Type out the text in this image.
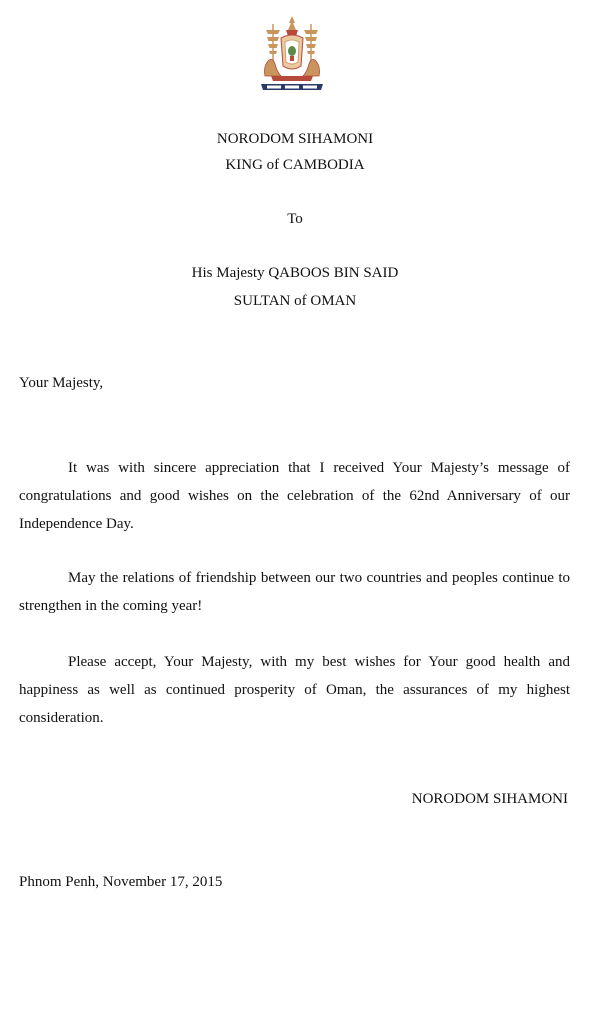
NORODOM SIHAMONI
KING of CAMBODIA
To
His Majesty QABOOS BIN SAID
SULTAN of OMAN
Your Majesty,
It was with sincere appreciation that I received Your Majesty’s message of congratulations and good wishes on the celebration of the 62nd Anniversary of our Independence Day.
May the relations of friendship between our two countries and peoples continue to strengthen in the coming year!
Please accept, Your Majesty, with my best wishes for Your good health and happiness as well as continued prosperity of Oman, the assurances of my highest consideration.
NORODOM SIHAMONI
Phnom Penh, November 17, 2015
